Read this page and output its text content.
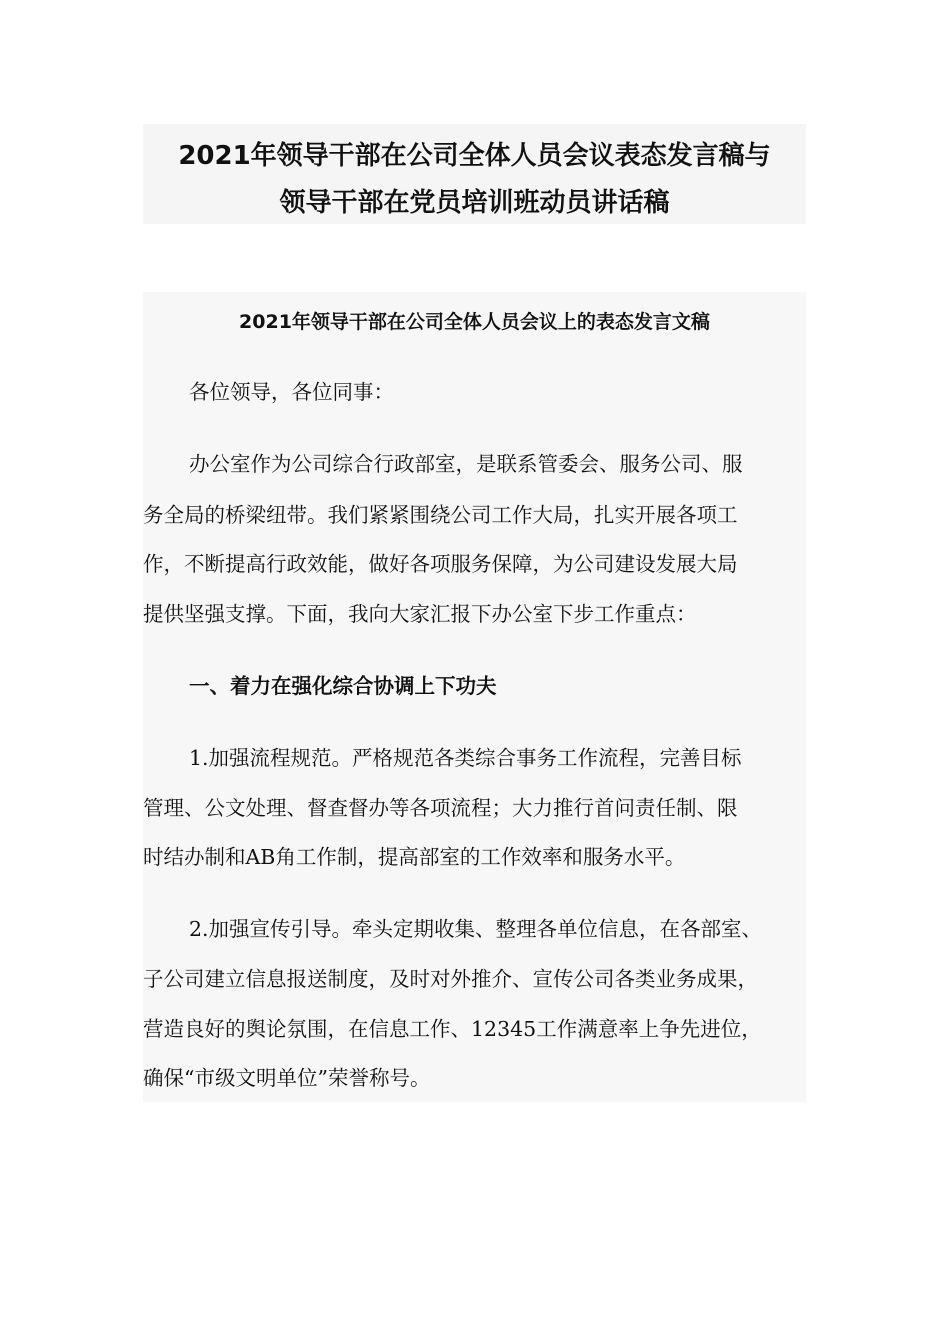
2021年领导干部在公司全体人员会议表态发言稿与
领导干部在党员培训班动员讲话稿
2021年领导干部在公司全体人员会议上的表态发言文稿
各位领导，各位同事：
办公室作为公司综合行政部室，是联系管委会、服务公司、服
务全局的桥梁纽带。我们紧紧围绕公司工作大局，扎实开展各项工
作，不断提高行政效能，做好各项服务保障，为公司建设发展大局
提供坚强支撑。下面，我向大家汇报下办公室下步工作重点：
一、着力在强化综合协调上下功夫
1.加强流程规范。严格规范各类综合事务工作流程，完善目标
管理、公文处理、督查督办等各项流程；大力推行首问责任制、限
时结办制和AB角工作制，提高部室的工作效率和服务水平。
2.加强宣传引导。牵头定期收集、整理各单位信息，在各部室、
子公司建立信息报送制度，及时对外推介、宣传公司各类业务成果，
营造良好的舆论氛围，在信息工作、12345工作满意率上争先进位，
确保“市级文明单位”荣誉称号。
